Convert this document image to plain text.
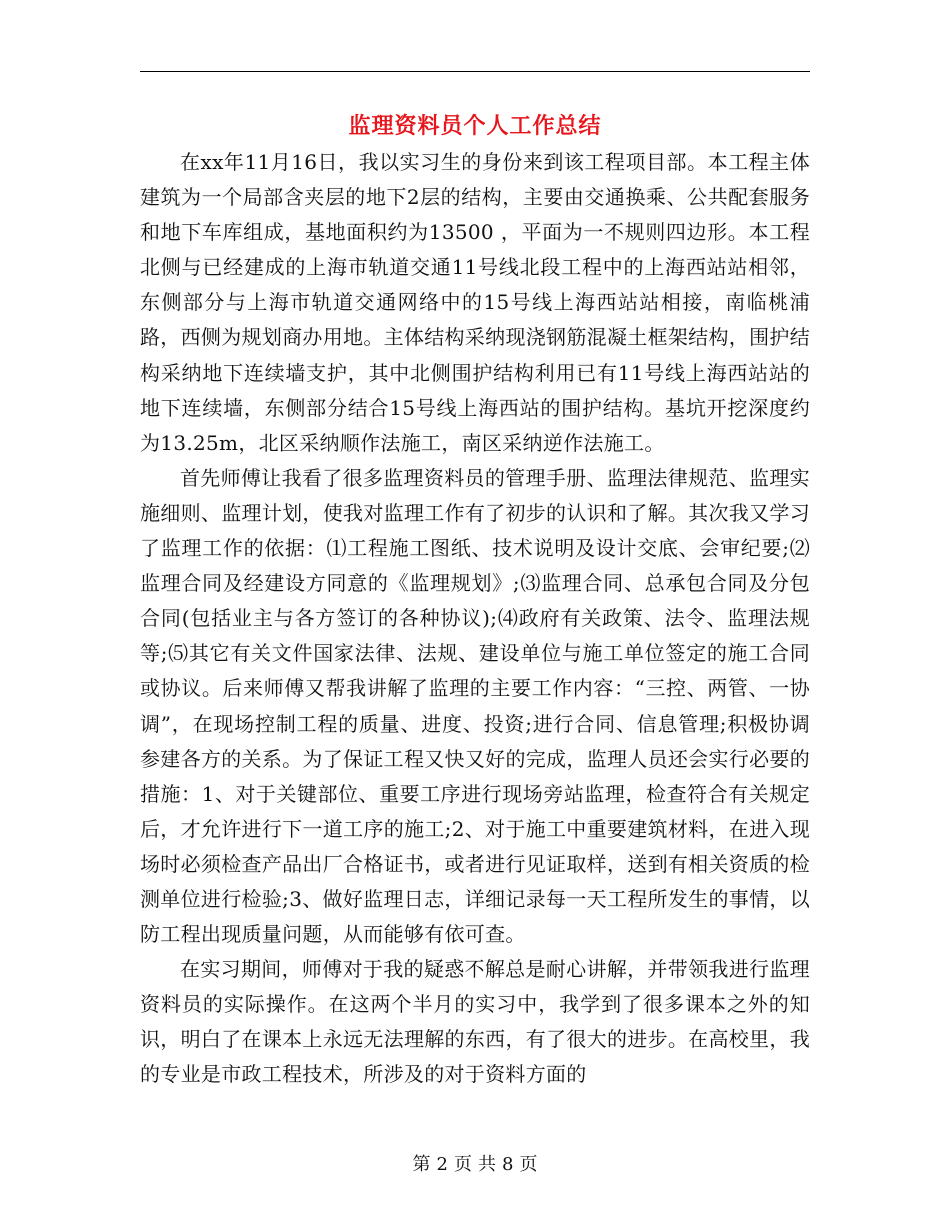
监理资料员个人工作总结

在xx年11月16日，我以实习生的身份来到该工程项目部。本工程主体建筑为一个局部含夹层的地下2层的结构，主要由交通换乘、公共配套服务和地下车库组成，基地面积约为13500 ，平面为一不规则四边形。本工程北侧与已经建成的上海市轨道交通11号线北段工程中的上海西站站相邻，东侧部分与上海市轨道交通网络中的15号线上海西站站相接，南临桃浦路，西侧为规划商办用地。主体结构采纳现浇钢筋混凝土框架结构，围护结构采纳地下连续墙支护，其中北侧围护结构利用已有11号线上海西站站的地下连续墙，东侧部分结合15号线上海西站的围护结构。基坑开挖深度约为13.25m，北区采纳顺作法施工，南区采纳逆作法施工。

首先师傅让我看了很多监理资料员的管理手册、监理法律规范、监理实施细则、监理计划，使我对监理工作有了初步的认识和了解。其次我又学习了监理工作的依据：⑴工程施工图纸、技术说明及设计交底、会审纪要;⑵监理合同及经建设方同意的《监理规划》;⑶监理合同、总承包合同及分包合同(包括业主与各方签订的各种协议);⑷政府有关政策、法令、监理法规等;⑸其它有关文件国家法律、法规、建设单位与施工单位签定的施工合同或协议。后来师傅又帮我讲解了监理的主要工作内容：“三控、两管、一协调”，在现场控制工程的质量、进度、投资;进行合同、信息管理;积极协调参建各方的关系。为了保证工程又快又好的完成，监理人员还会实行必要的措施：1、对于关键部位、重要工序进行现场旁站监理，检查符合有关规定后，才允许进行下一道工序的施工;2、对于施工中重要建筑材料，在进入现场时必须检查产品出厂合格证书，或者进行见证取样，送到有相关资质的检测单位进行检验;3、做好监理日志，详细记录每一天工程所发生的事情，以防工程出现质量问题，从而能够有依可查。

在实习期间，师傅对于我的疑惑不解总是耐心讲解，并带领我进行监理资料员的实际操作。在这两个半月的实习中，我学到了很多课本之外的知识，明白了在课本上永远无法理解的东西，有了很大的进步。在高校里，我的专业是市政工程技术，所涉及的对于资料方面的

第 2 页 共 8 页
